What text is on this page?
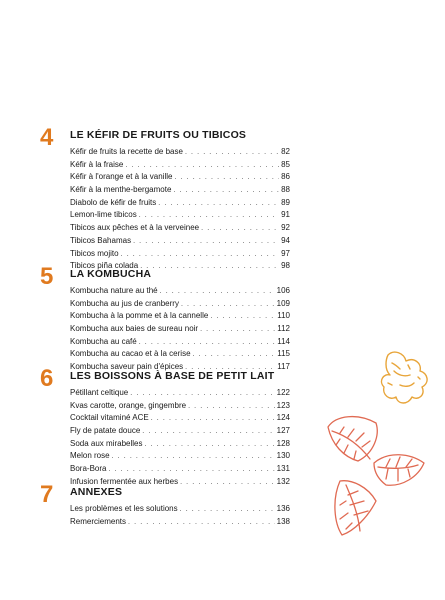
4 LE KÉFIR DE FRUITS OU TIBICOS
Kéfir de fruits la recette de base . . .	82
Kéfir à la fraise . . .	85
Kéfir à l'orange et à la vanille . . .	86
Kéfir à la menthe-bergamote . . .	88
Diabolo de kéfir de fruits . . .	89
Lemon-lime tibicos . . .	91
Tibicos aux pêches et à la verveinee . . .	92
Tibicos Bahamas . . .	94
Tibicos mojito . . .	97
Tibicos piña colada . . .	98
5 LA KOMBUCHA
Kombucha nature au thé . . .	106
Kombucha au jus de cranberry . . .	109
Kombucha à la pomme et à la cannelle . . .	110
Kombucha aux baies de sureau noir . . .	112
Kombucha au café . . .	114
Kombucha au cacao et à la cerise . . .	115
Kombucha saveur pain d'épices . . .	117
6 LES BOISSONS À BASE DE PETIT LAIT
Pétillant celtique . . .	122
Kvas carotte, orange, gingembre . . .	123
Cocktail vitaminé ACE . . .	124
Fly de patate douce . . .	127
Soda aux mirabelles . . .	128
Melon rose . . .	130
Bora-Bora . . .	131
Infusion fermentée aux herbes . . .	132
7 ANNEXES
Les problèmes et les solutions . . .	136
Remerciements . . .	138
